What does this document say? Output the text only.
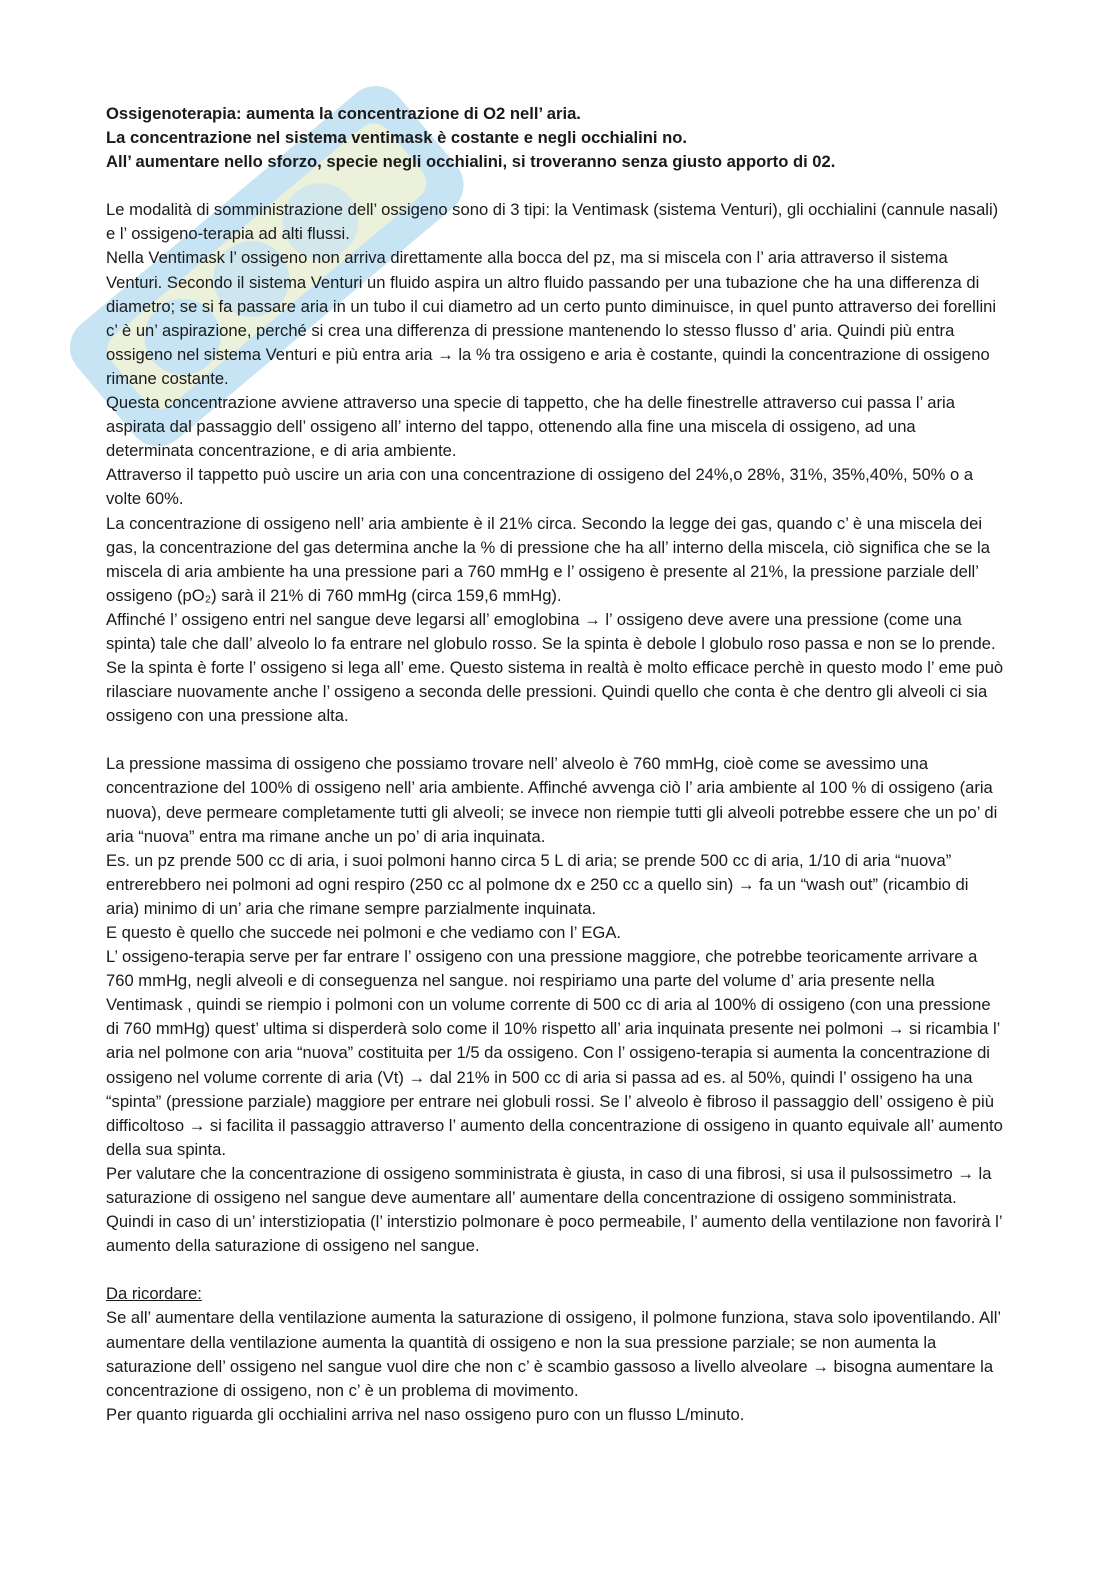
Ossigenoterapia: aumenta la concentrazione di O2 nell’ aria.

La concentrazione nel sistema ventimask è costante e negli occhialini no.

All’ aumentare nello sforzo, specie negli occhialini, si troveranno senza giusto apporto di 02.

Le modalità di somministrazione dell’ ossigeno sono di 3 tipi: la Ventimask (sistema Venturi), gli occhialini (cannule nasali) e l’ ossigeno-terapia ad alti flussi.

Nella Ventimask l’ ossigeno non arriva direttamente alla bocca del pz, ma si miscela con l’ aria attraverso il sistema Venturi. Secondo il sistema Venturi un fluido aspira un altro fluido passando per una tubazione che ha una differenza di diametro; se si fa passare aria in un tubo il cui diametro ad un certo punto diminuisce, in quel punto attraverso dei forellini c’ è un’ aspirazione, perché si crea una differenza di pressione mantenendo lo stesso flusso d’ aria. Quindi più entra ossigeno nel sistema Venturi e più entra aria → la % tra ossigeno e aria è costante, quindi la concentrazione di ossigeno rimane costante.

Questa concentrazione avviene attraverso una specie di tappetto, che ha delle finestrelle attraverso cui passa l’ aria aspirata dal passaggio dell’ ossigeno all’ interno del tappo, ottenendo alla fine una miscela di ossigeno, ad una determinata concentrazione, e di aria ambiente.

Attraverso il tappetto può uscire un aria con una concentrazione di ossigeno del 24%,o 28%, 31%, 35%,40%, 50% o a volte 60%.

La concentrazione di ossigeno nell’ aria ambiente è il 21% circa. Secondo la legge dei gas, quando c’ è una miscela dei gas, la concentrazione del gas determina anche la % di pressione che ha all’ interno della miscela, ciò significa che se la miscela di aria ambiente ha una pressione pari a 760 mmHg e l’ ossigeno è presente al 21%, la pressione parziale dell’ ossigeno (pO₂) sarà il 21% di 760 mmHg (circa 159,6 mmHg).

Affinché l’ ossigeno entri nel sangue deve legarsi all’ emoglobina → l’ ossigeno deve avere una pressione (come una spinta) tale che dall’ alveolo lo fa entrare nel globulo rosso. Se la spinta è debole l globulo roso passa e non se lo prende. Se la spinta è forte l’ ossigeno si lega all’ eme. Questo sistema in realtà è molto efficace perchè in questo modo l’ eme può rilasciare nuovamente anche l’ ossigeno a seconda delle pressioni. Quindi quello che conta è che dentro gli alveoli ci sia ossigeno con una pressione alta.

La pressione massima di ossigeno che possiamo trovare nell’ alveolo è 760 mmHg, cioè come se avessimo una concentrazione del 100% di ossigeno nell’ aria ambiente. Affinché avvenga ciò l’ aria ambiente al 100 % di ossigeno (aria nuova), deve permeare completamente tutti gli alveoli; se invece non riempie tutti gli alveoli potrebbe essere che un po’ di aria “nuova” entra ma rimane anche un po’ di aria inquinata.

Es. un pz prende 500 cc di aria, i suoi polmoni hanno circa 5 L di aria; se prende 500 cc di aria, 1/10 di aria “nuova” entrerebbero nei polmoni ad ogni respiro (250 cc al polmone dx e 250 cc a quello sin) → fa un “wash out” (ricambio di aria) minimo di un’ aria che rimane sempre parzialmente inquinata.

E questo è quello che succede nei polmoni e che vediamo con l’ EGA.

L’ ossigeno-terapia serve per far entrare l’ ossigeno con una pressione maggiore, che potrebbe teoricamente arrivare a 760 mmHg, negli alveoli e di conseguenza nel sangue. noi respiriamo una parte del volume d’ aria presente nella Ventimask , quindi se riempio i polmoni con un volume corrente di 500 cc di aria al 100% di ossigeno (con una pressione di 760 mmHg) quest’ ultima si disperderà solo come il 10% rispetto all’ aria inquinata presente nei polmoni → si ricambia l’ aria nel polmone con aria “nuova” costituita per 1/5 da ossigeno. Con l’ ossigeno-terapia si aumenta la concentrazione di ossigeno nel volume corrente di aria (Vt) → dal 21% in 500 cc di aria si passa ad es. al 50%, quindi l’ ossigeno ha una “spinta” (pressione parziale) maggiore per entrare nei globuli rossi. Se l’ alveolo è fibroso il passaggio dell’ ossigeno è più difficoltoso → si facilita il passaggio attraverso l’ aumento della concentrazione di ossigeno in quanto equivale all’ aumento della sua spinta.

Per valutare che la concentrazione di ossigeno somministrata è giusta, in caso di una fibrosi, si usa il pulsossimetro → la saturazione di ossigeno nel sangue deve aumentare all’ aumentare della concentrazione di ossigeno somministrata. Quindi in caso di un’ interstiziopatia (l’ interstizio polmonare è poco permeabile, l’ aumento della ventilazione non favorirà l’ aumento della saturazione di ossigeno nel sangue.

Da ricordare:

Se all’ aumentare della ventilazione aumenta la saturazione di ossigeno, il polmone funziona, stava solo ipoventilando. All’ aumentare della ventilazione aumenta la quantità di ossigeno e non la sua pressione parziale; se non aumenta la saturazione dell’ ossigeno nel sangue vuol dire che non c’ è scambio gassoso a livello alveolare → bisogna aumentare la concentrazione di ossigeno, non c’ è un problema di movimento.

Per quanto riguarda gli occhialini arriva nel naso ossigeno puro con un flusso L/minuto.
